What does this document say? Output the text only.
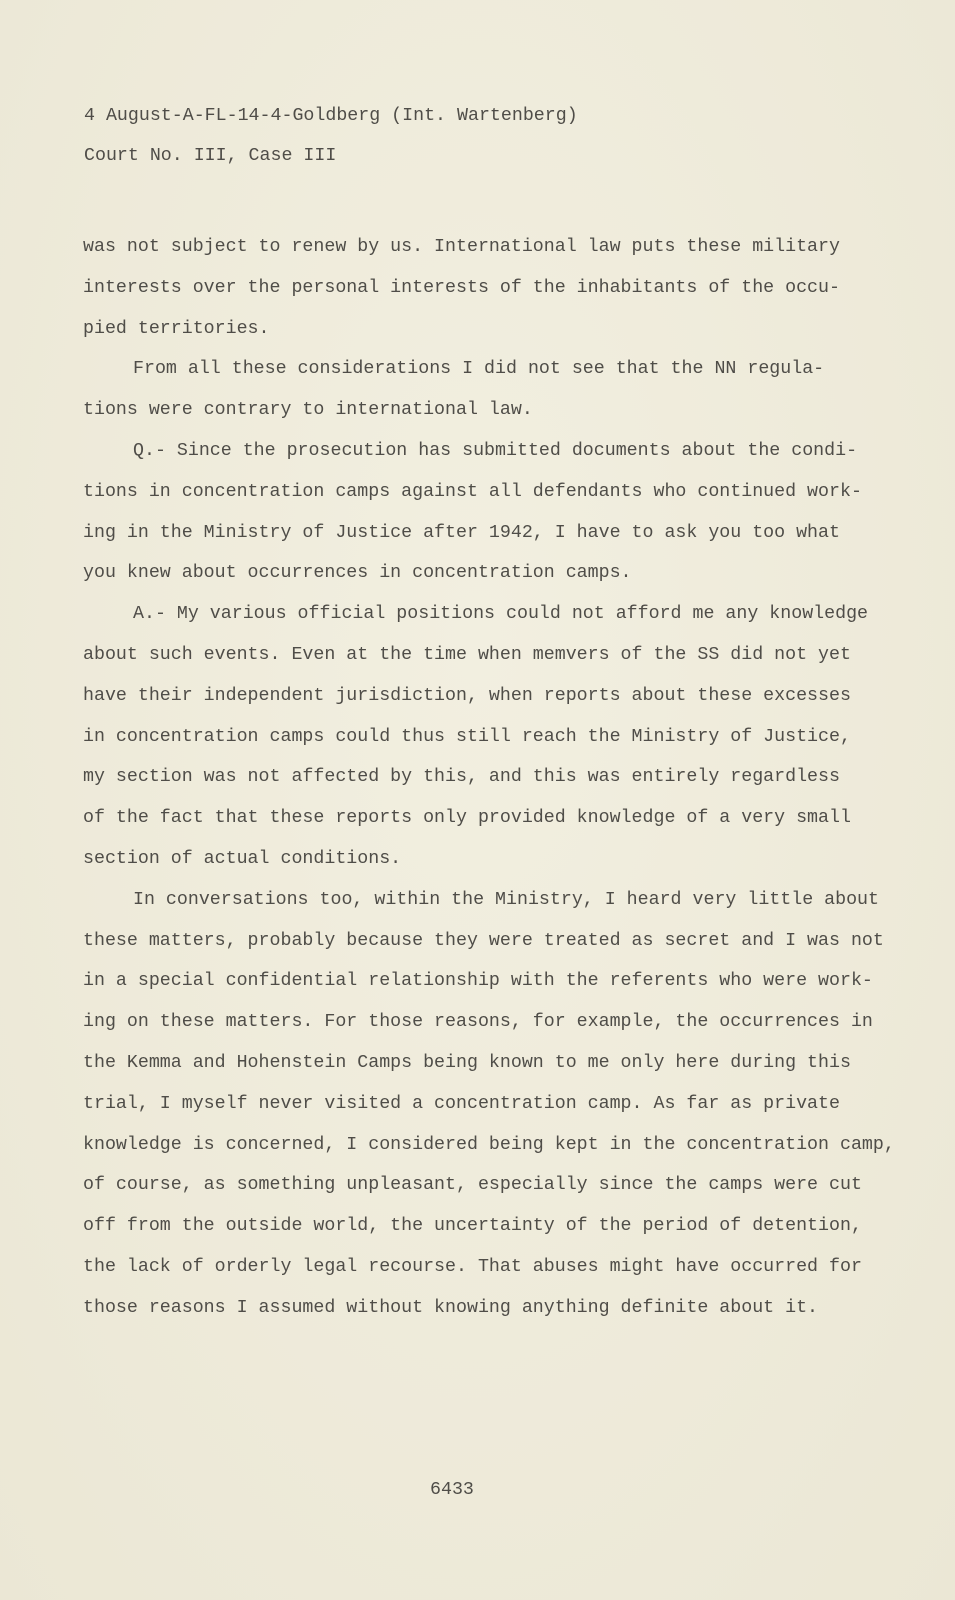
4 August-A-FL-14-4-Goldberg (Int. Wartenberg)
Court No. III, Case III
was not subject to renew by us. International law puts these military
interests over the personal interests of the inhabitants of the occu-
pied territories.
From all these considerations I did not see that the NN regula-
tions were contrary to international law.
Q.- Since the prosecution has submitted documents about the condi-
tions in concentration camps against all defendants who continued work-
ing in the Ministry of Justice after 1942, I have to ask you too what
you knew about occurrences in concentration camps.
A.- My various official positions could not afford me any knowledge
about such events. Even at the time when memvers of the SS did not yet
have their independent jurisdiction, when reports about these excesses
in concentration camps could thus still reach the Ministry of Justice,
my section was not affected by this, and this was entirely regardless
of the fact that these reports only provided knowledge of a very small
section of actual conditions.
In conversations too, within the Ministry, I heard very little about
these matters, probably because they were treated as secret and I was not
in a special confidential relationship with the referents who were work-
ing on these matters. For those reasons, for example, the occurrences in
the Kemma and Hohenstein Camps being known to me only here during this
trial, I myself never visited a concentration camp. As far as private
knowledge is concerned, I considered being kept in the concentration camp,
of course, as something unpleasant, especially since the camps were cut
off from the outside world, the uncertainty of the period of detention,
the lack of orderly legal recourse. That abuses might have occurred for
those reasons I assumed without knowing anything definite about it.
6433
